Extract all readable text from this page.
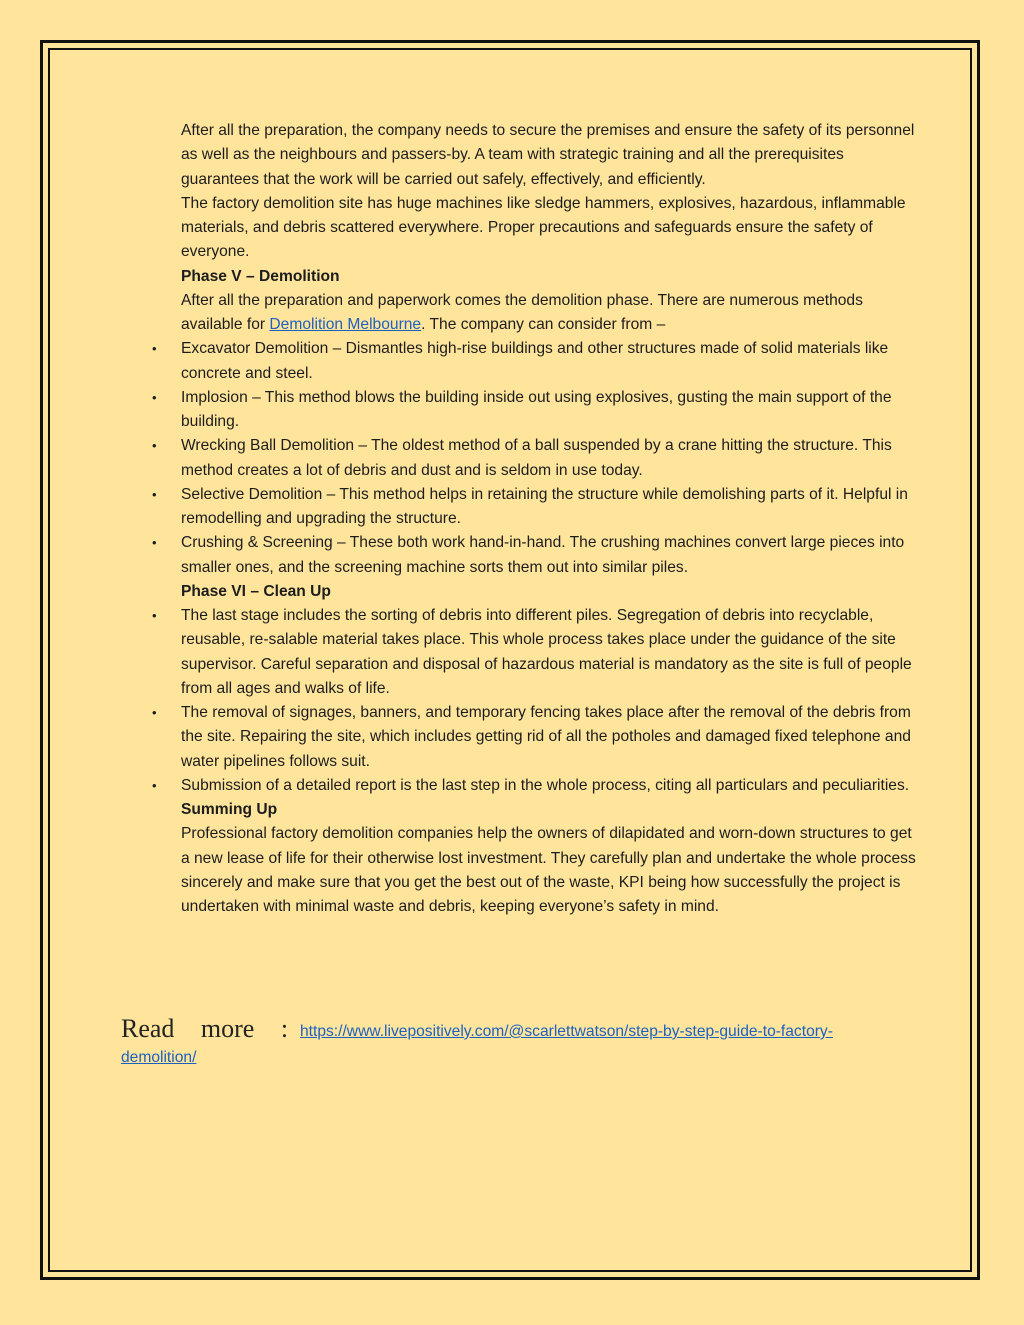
After all the preparation, the company needs to secure the premises and ensure the safety of its personnel as well as the neighbours and passers-by. A team with strategic training and all the prerequisites guarantees that the work will be carried out safely, effectively, and efficiently.

The factory demolition site has huge machines like sledge hammers, explosives, hazardous, inflammable materials, and debris scattered everywhere. Proper precautions and safeguards ensure the safety of everyone.

Phase V – Demolition

After all the preparation and paperwork comes the demolition phase. There are numerous methods available for Demolition Melbourne. The company can consider from –

• Excavator Demolition – Dismantles high-rise buildings and other structures made of solid materials like concrete and steel.
• Implosion – This method blows the building inside out using explosives, gusting the main support of the building.
• Wrecking Ball Demolition – The oldest method of a ball suspended by a crane hitting the structure. This method creates a lot of debris and dust and is seldom in use today.
• Selective Demolition – This method helps in retaining the structure while demolishing parts of it. Helpful in remodelling and upgrading the structure.
• Crushing & Screening – These both work hand-in-hand. The crushing machines convert large pieces into smaller ones, and the screening machine sorts them out into similar piles.

Phase VI – Clean Up

• The last stage includes the sorting of debris into different piles. Segregation of debris into recyclable, reusable, re-salable material takes place. This whole process takes place under the guidance of the site supervisor. Careful separation and disposal of hazardous material is mandatory as the site is full of people from all ages and walks of life.
• The removal of signages, banners, and temporary fencing takes place after the removal of the debris from the site. Repairing the site, which includes getting rid of all the potholes and damaged fixed telephone and water pipelines follows suit.
• Submission of a detailed report is the last step in the whole process, citing all particulars and peculiarities.

Summing Up

Professional factory demolition companies help the owners of dilapidated and worn-down structures to get a new lease of life for their otherwise lost investment. They carefully plan and undertake the whole process sincerely and make sure that you get the best out of the waste, KPI being how successfully the project is undertaken with minimal waste and debris, keeping everyone’s safety in mind.

Read more : https://www.livepositively.com/@scarlettwatson/step-by-step-guide-to-factory-
demolition/
